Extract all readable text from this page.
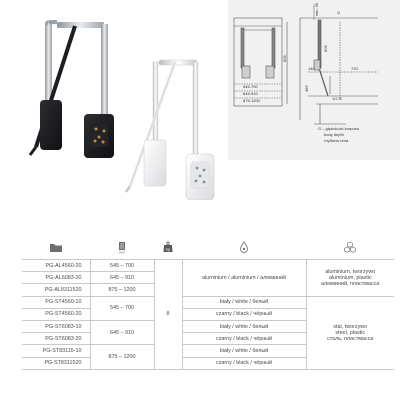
605
545-700
645-910
875-1200
min. 30	G
140	720
465
605
1/2 G
G – głębokość korpusu
body depth
глубина тела

mm	kg

PG-AL4560-20	545 – 700	8	aluminium / aluminium / алюминий	aluminium, tworzywo
aluminium, plastic
алюминий, пластмасса

PG-AL6083-20	645 – 910			
PG-AL8311520	875 – 1200			
PG-ST4560-10	545 – 700		biały / white / белый	stal, tworzywo
steel, plastic
сталь, пластмасса

PG-ST4560-20			czarny / black / чёрный	
PG-ST6083-10	645 – 910		biały / white / белый	
PG-ST6083-20			czarny / black / чёрный	
PG-ST83115-10	875 – 1200		biały / white / белый	
PG-ST8311520			czarny / black / чёрный	
